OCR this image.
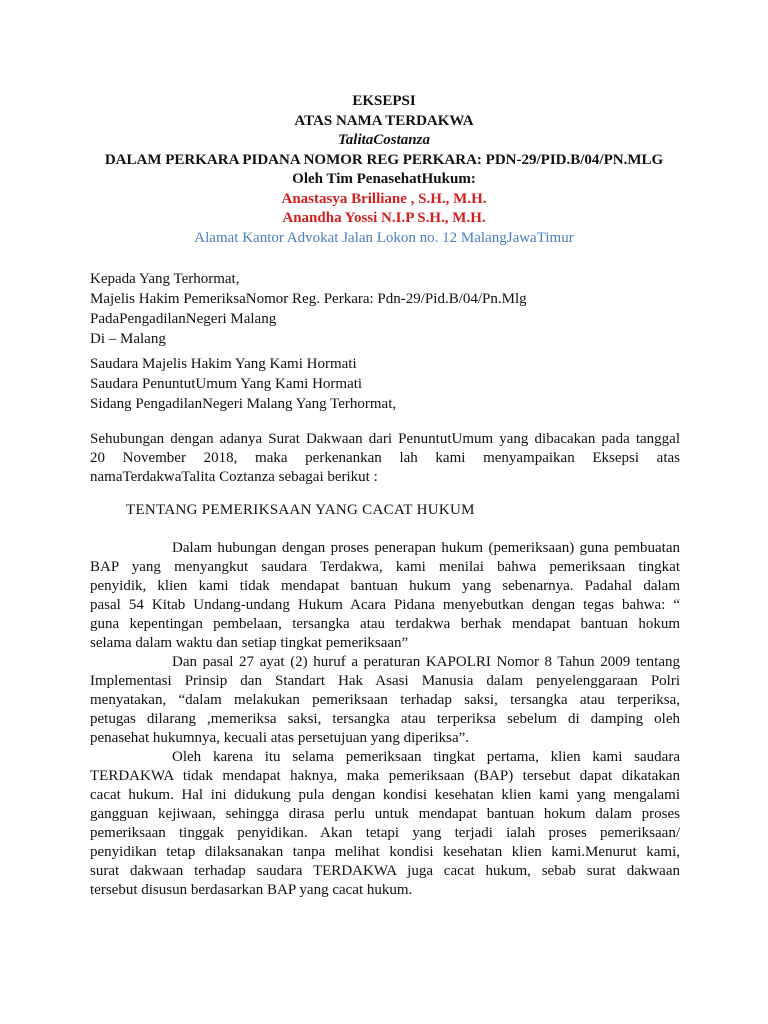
EKSEPSI
ATAS NAMA TERDAKWA
TalitaCostanza
DALAM PERKARA PIDANA NOMOR REG PERKARA: PDN-29/PID.B/04/PN.MLG
Oleh Tim PenasehatHukum:
Anastasya Brilliane , S.H., M.H.
Anandha Yossi N.I.P S.H., M.H.
Alamat Kantor Advokat Jalan Lokon no. 12 MalangJawaTimur
Kepada Yang Terhormat,
Majelis Hakim PemeriksaNomor Reg. Perkara: Pdn-29/Pid.B/04/Pn.Mlg
PadaPengadilanNegeri Malang
Di – Malang
Saudara Majelis Hakim Yang Kami Hormati
Saudara PenuntutUmum Yang Kami Hormati
Sidang PengadilanNegeri Malang Yang Terhormat,
Sehubungan dengan adanya Surat Dakwaan dari PenuntutUmum yang dibacakan pada tanggal
20 November 2018, maka perkenankan lah kami menyampaikan Eksepsi atas
namaTerdakwaTalita Coztanza sebagai berikut :
TENTANG PEMERIKSAAN YANG CACAT HUKUM
Dalam hubungan dengan proses penerapan hukum (pemeriksaan) guna pembuatan
BAP yang menyangkut saudara Terdakwa, kami menilai bahwa pemeriksaan tingkat
penyidik, klien kami tidak mendapat bantuan hukum yang sebenarnya. Padahal dalam
pasal 54 Kitab Undang-undang Hukum Acara Pidana menyebutkan dengan tegas bahwa: “
guna kepentingan pembelaan, tersangka atau terdakwa berhak mendapat bantuan hokum
selama dalam waktu dan setiap tingkat pemeriksaan”
Dan pasal 27 ayat (2) huruf a peraturan KAPOLRI Nomor 8 Tahun 2009 tentang
Implementasi Prinsip dan Standart Hak Asasi Manusia dalam penyelenggaraan Polri
menyatakan, “dalam melakukan pemeriksaan terhadap saksi, tersangka atau terperiksa,
petugas dilarang ,memeriksa saksi, tersangka atau terperiksa sebelum di damping oleh
penasehat hukumnya, kecuali atas persetujuan yang diperiksa”.
Oleh karena itu selama pemeriksaan tingkat pertama, klien kami saudara
TERDAKWA tidak mendapat haknya, maka pemeriksaan (BAP) tersebut dapat dikatakan
cacat hukum. Hal ini didukung pula dengan kondisi kesehatan klien kami yang mengalami
gangguan kejiwaan, sehingga dirasa perlu untuk mendapat bantuan hokum dalam proses
pemeriksaan tinggak penyidikan. Akan tetapi yang terjadi ialah proses pemeriksaan/
penyidikan tetap dilaksanakan tanpa melihat kondisi kesehatan klien kami.Menurut kami,
surat dakwaan terhadap saudara TERDAKWA juga cacat hukum, sebab surat dakwaan
tersebut disusun berdasarkan BAP yang cacat hukum.
